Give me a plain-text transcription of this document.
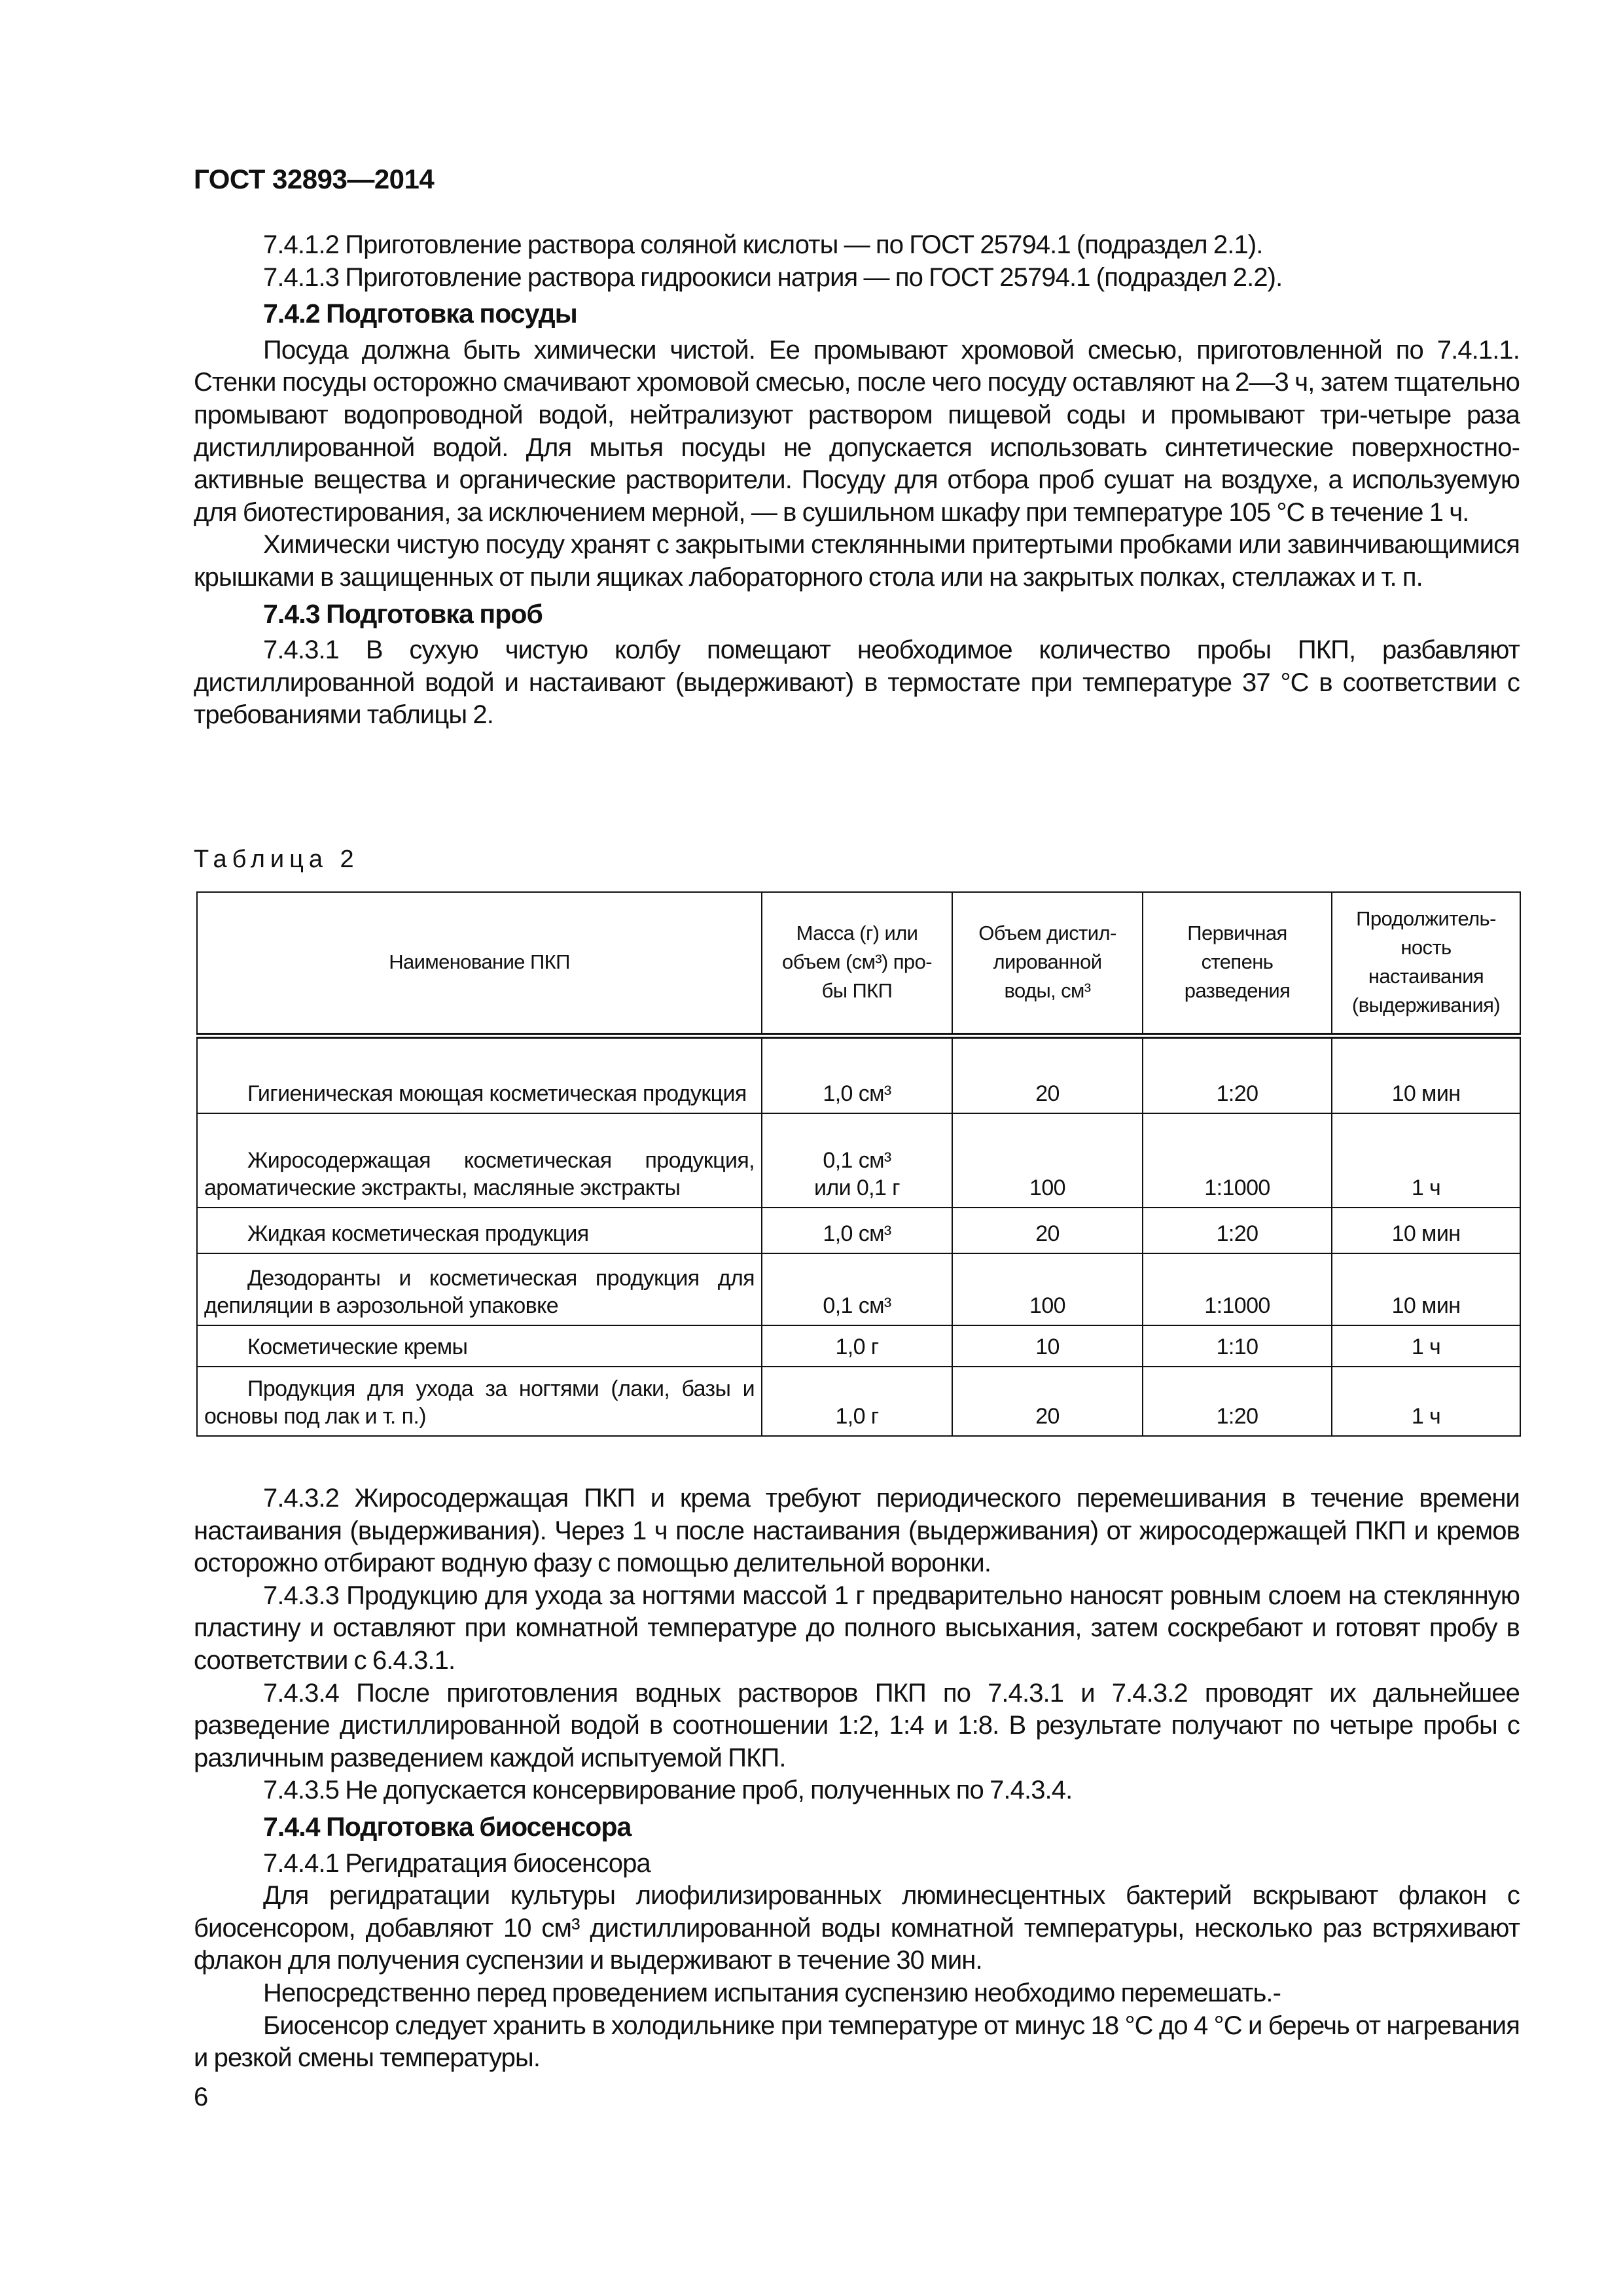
ГОСТ 32893—2014

7.4.1.2 Приготовление раствора соляной кислоты — по ГОСТ 25794.1 (подраздел 2.1).

7.4.1.3 Приготовление раствора гидроокиси натрия — по ГОСТ 25794.1 (подраздел 2.2).

7.4.2 Подготовка посуды

Посуда должна быть химически чистой. Ее промывают хромовой смесью, приготовленной по 7.4.1.1. Стенки посуды осторожно смачивают хромовой смесью, после чего посуду оставляют на 2—3 ч, затем тщательно промывают водопроводной водой, нейтрализуют раствором пищевой соды и промывают три-четыре раза дистиллированной водой. Для мытья посуды не допускается использовать синтетические поверхностно-активные вещества и органические растворители. Посуду для отбора проб сушат на воздухе, а используемую для биотестирования, за исключением мерной, — в сушильном шкафу при температуре 105 °С в течение 1 ч.

Химически чистую посуду хранят с закрытыми стеклянными притертыми пробками или завинчивающимися крышками в защищенных от пыли ящиках лабораторного стола или на закрытых полках, стеллажах и т. п.

7.4.3 Подготовка проб

7.4.3.1 В сухую чистую колбу помещают необходимое количество пробы ПКП, разбавляют дистиллированной водой и настаивают (выдерживают) в термостате при температуре 37 °С в соответствии с требованиями таблицы 2.

Таблица 2
Наименование ПКП	Масса (г) или
объем (см³) про-
бы ПКП	Объем дистил-
лированной
воды, см³	Первичная
степень
разведения	Продолжитель-
ность
настаивания
(выдерживания)

Гигиеническая моющая косметическая продукция	1,0 см³	20	1:20	10 мин
Жиросодержащая косметическая продукция, ароматические экстракты, масляные экстракты	0,1 см³
или 0,1 г	100	1:1000	1 ч
Жидкая косметическая продукция	1,0 см³	20	1:20	10 мин
Дезодоранты и косметическая продукция для депиляции в аэрозольной упаковке	0,1 см³	100	1:1000	10 мин
Косметические кремы	1,0 г	10	1:10	1 ч
Продукция для ухода за ногтями (лаки, базы и основы под лак и т. п.)	1,0 г	20	1:20	1 ч

7.4.3.2 Жиросодержащая ПКП и крема требуют периодического перемешивания в течение времени настаивания (выдерживания). Через 1 ч после настаивания (выдерживания) от жиросодержащей ПКП и кремов осторожно отбирают водную фазу с помощью делительной воронки.

7.4.3.3 Продукцию для ухода за ногтями массой 1 г предварительно наносят ровным слоем на стеклянную пластину и оставляют при комнатной температуре до полного высыхания, затем соскребают и готовят пробу в соответствии с 6.4.3.1.

7.4.3.4 После приготовления водных растворов ПКП по 7.4.3.1 и 7.4.3.2 проводят их дальнейшее разведение дистиллированной водой в соотношении 1:2, 1:4 и 1:8. В результате получают по четыре пробы с различным разведением каждой испытуемой ПКП.

7.4.3.5 Не допускается консервирование проб, полученных по 7.4.3.4.

7.4.4 Подготовка биосенсора

7.4.4.1 Регидратация биосенсора

Для регидратации культуры лиофилизированных люминесцентных бактерий вскрывают флакон с биосенсором, добавляют 10 см³ дистиллированной воды комнатной температуры, несколько раз встряхивают флакон для получения суспензии и выдерживают в течение 30 мин.

Непосредственно перед проведением испытания суспензию необходимо перемешать.-

Биосенсор следует хранить в холодильнике при температуре от минус 18 °С до 4 °С и беречь от нагревания и резкой смены температуры.

6
